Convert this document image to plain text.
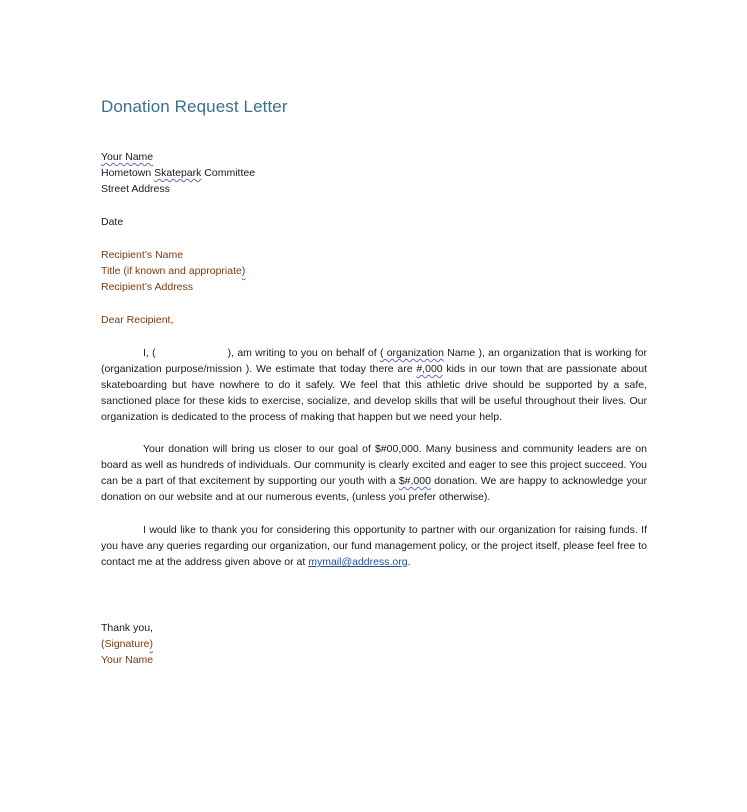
Donation Request Letter
Your Name
Hometown Skatepark Committee
Street Address
Date
Recipient’s Name
Title (if known and appropriate)
Recipient’s Address
Dear Recipient,

I, (	), am writing to you on behalf of ( organization Name ), an organization that is working for (organization purpose/mission ). We estimate that today there are #,000 kids in our town that are passionate about skateboarding but have nowhere to do it safely. We feel that this athletic drive should be supported by a safe, sanctioned place for these kids to exercise, socialize, and develop skills that will be useful throughout their lives. Our organization is dedicated to the process of making that happen but we need your help.

Your donation will bring us closer to our goal of $#00,000. Many business and community leaders are on board as well as hundreds of individuals. Our community is clearly excited and eager to see this project succeed. You can be a part of that excitement by supporting our youth with a $#,000 donation. We are happy to acknowledge your donation on our website and at our numerous events, (unless you prefer otherwise).

I would like to thank you for considering this opportunity to partner with our organization for raising funds. If you have any queries regarding our organization, our fund management policy, or the project itself, please feel free to contact me at the address given above or at mymail@address.org.

Thank you,
(Signature)
Your Name
